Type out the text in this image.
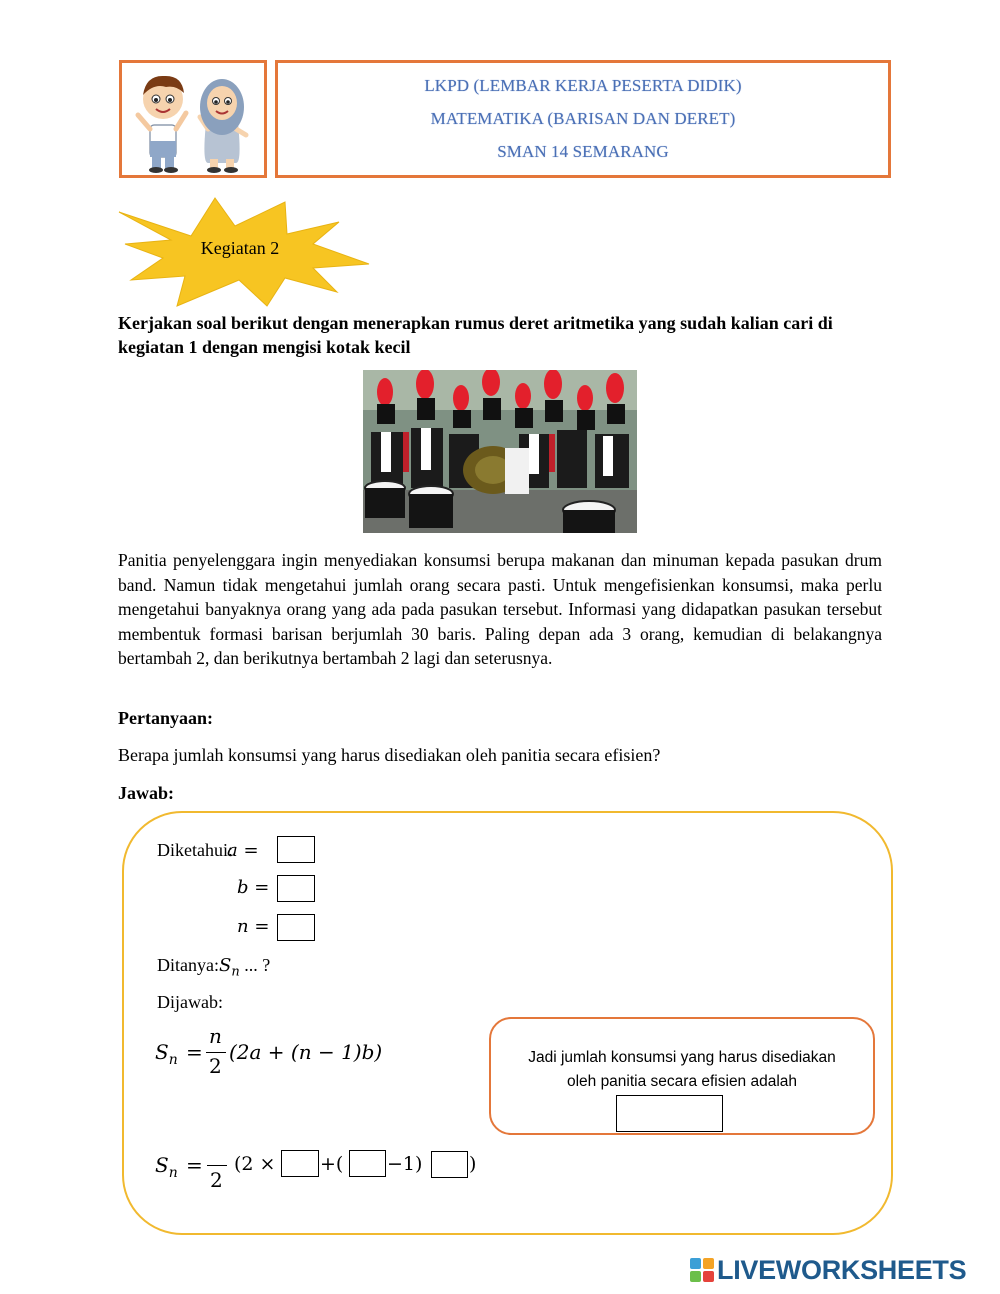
LKPD (LEMBAR KERJA PESERTA DIDIK)
MATEMATIKA (BARISAN DAN DERET)
SMAN 14 SEMARANG
Kegiatan 2
Kerjakan soal berikut dengan menerapkan rumus deret aritmetika yang sudah kalian cari di kegiatan 1 dengan mengisi kotak kecil
Panitia penyelenggara ingin menyediakan konsumsi berupa makanan dan minuman kepada pasukan drum band. Namun tidak mengetahui jumlah orang secara pasti. Untuk mengefisienkan konsumsi, maka perlu mengetahui banyaknya orang yang ada pada pasukan tersebut. Informasi yang didapatkan pasukan tersebut membentuk formasi barisan berjumlah 30 baris. Paling depan ada 3 orang, kemudian di belakangnya bertambah 2, dan berikutnya bertambah 2 lagi dan seterusnya.
Pertanyaan:
Berapa jumlah konsumsi yang harus disediakan oleh panitia secara efisien?
Jawab:
Diketahui:
a =
b =
n =
$Ditanya:S_n$ ... ?
Dijawab:
$S_n$ =
n
2
(2a + (n − 1)b)	Jadi jumlah konsumsi yang harus disediakan
oleh panitia secara efisien adalah
$S_n$ =
2
(2 × +( −1) )
LIVEWORKSHEETS
